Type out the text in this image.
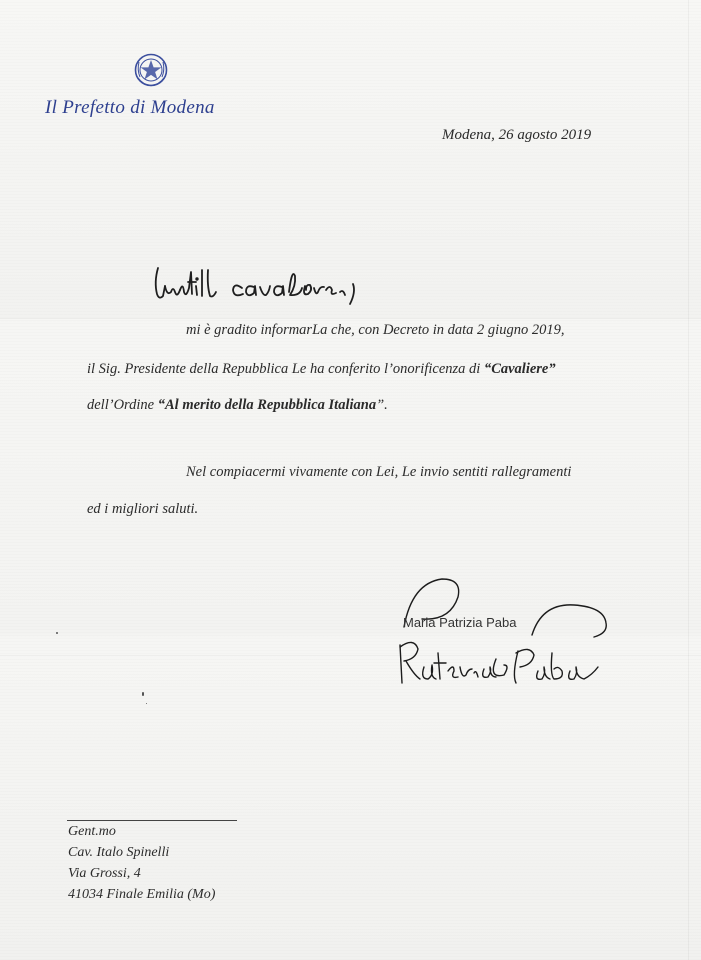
Il Prefetto di Modena
Modena, 26 agosto 2019
mi è gradito informarLa che, con Decreto in data 2 giugno 2019,
il Sig. Presidente della Repubblica Le ha conferito l’onorificenza di “Cavaliere”
dell’Ordine “Al merito della Repubblica Italiana”.
Nel compiacermi vivamente con Lei, Le invio sentiti rallegramenti
ed i migliori saluti.
Maria Patrizia Paba
Gent.mo
Cav. Italo Spinelli
Via Grossi, 4
41034 Finale Emilia (Mo)
